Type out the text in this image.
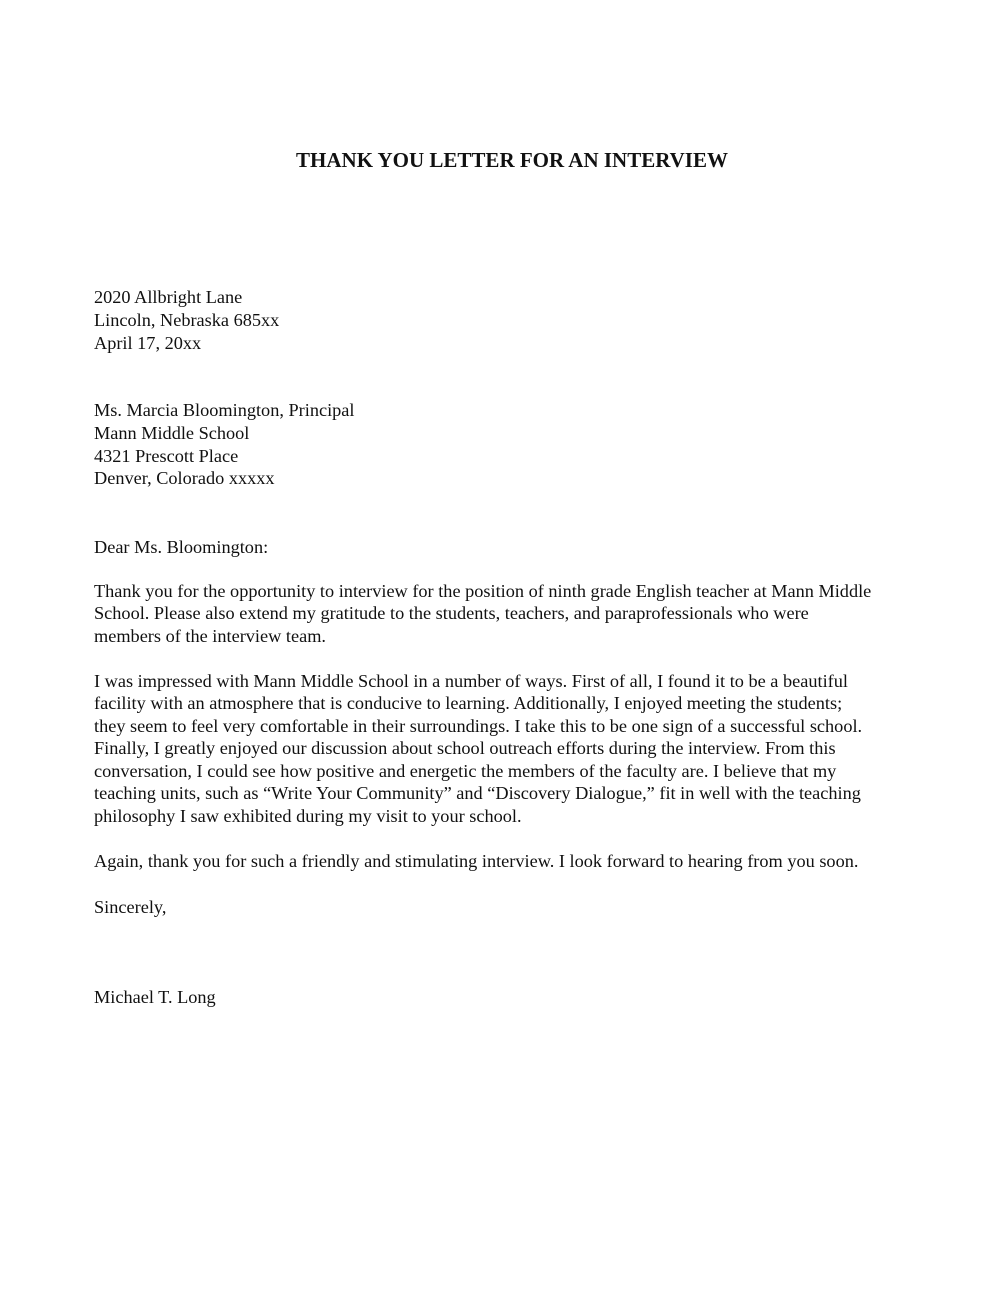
THANK YOU LETTER FOR AN INTERVIEW
2020 Allbright Lane
Lincoln, Nebraska 685xx
April 17, 20xx
Ms. Marcia Bloomington, Principal
Mann Middle School
4321 Prescott Place
Denver, Colorado xxxxx
Dear Ms. Bloomington:
Thank you for the opportunity to interview for the position of ninth grade English teacher at Mann Middle
School. Please also extend my gratitude to the students, teachers, and paraprofessionals who were
members of the interview team.
I was impressed with Mann Middle School in a number of ways. First of all, I found it to be a beautiful
facility with an atmosphere that is conducive to learning. Additionally, I enjoyed meeting the students;
they seem to feel very comfortable in their surroundings. I take this to be one sign of a successful school.
Finally, I greatly enjoyed our discussion about school outreach efforts during the interview. From this
conversation, I could see how positive and energetic the members of the faculty are. I believe that my
teaching units, such as “Write Your Community” and “Discovery Dialogue,” fit in well with the teaching
philosophy I saw exhibited during my visit to your school.
Again, thank you for such a friendly and stimulating interview. I look forward to hearing from you soon.
Sincerely,
Michael T. Long
